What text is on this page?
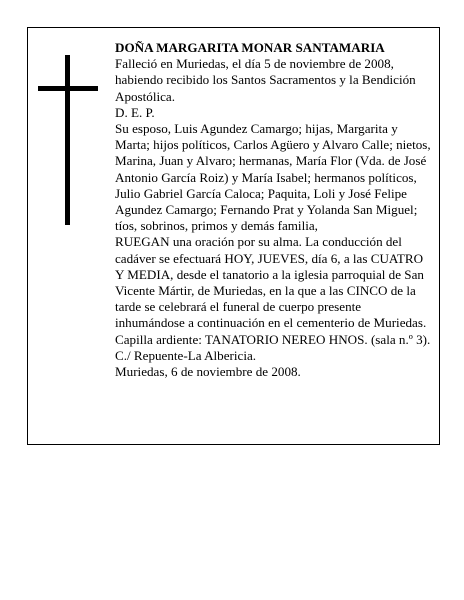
DOÑA MARGARITA MONAR SANTAMARIA

Falleció en Muriedas, el día 5 de noviembre de 2008, habiendo recibido los Santos Sacramentos y la Bendición Apostólica.

D. E. P.

Su esposo, Luis Agundez Camargo; hijas, Margarita y Marta; hijos políticos, Carlos Agüero y Alvaro Calle; nietos, Marina, Juan y Alvaro; hermanas, María Flor (Vda. de José Antonio García Roiz) y María Isabel; hermanos políticos, Julio Gabriel García Caloca; Paquita, Loli y José Felipe Agundez Camargo; Fernando Prat y Yolanda San Miguel; tíos, sobrinos, primos y demás familia,

RUEGAN una oración por su alma. La conducción del cadáver se efectuará HOY, JUEVES, día 6, a las CUATRO Y MEDIA, desde el tanatorio a la iglesia parroquial de San Vicente Mártir, de Muriedas, en la que a las CINCO de la tarde se celebrará el funeral de cuerpo presente inhumándose a continuación en el cementerio de Muriedas. Capilla ardiente: TANATORIO NEREO HNOS. (sala n.º 3). C./ Repuente-La Albericia.

Muriedas, 6 de noviembre de 2008.
